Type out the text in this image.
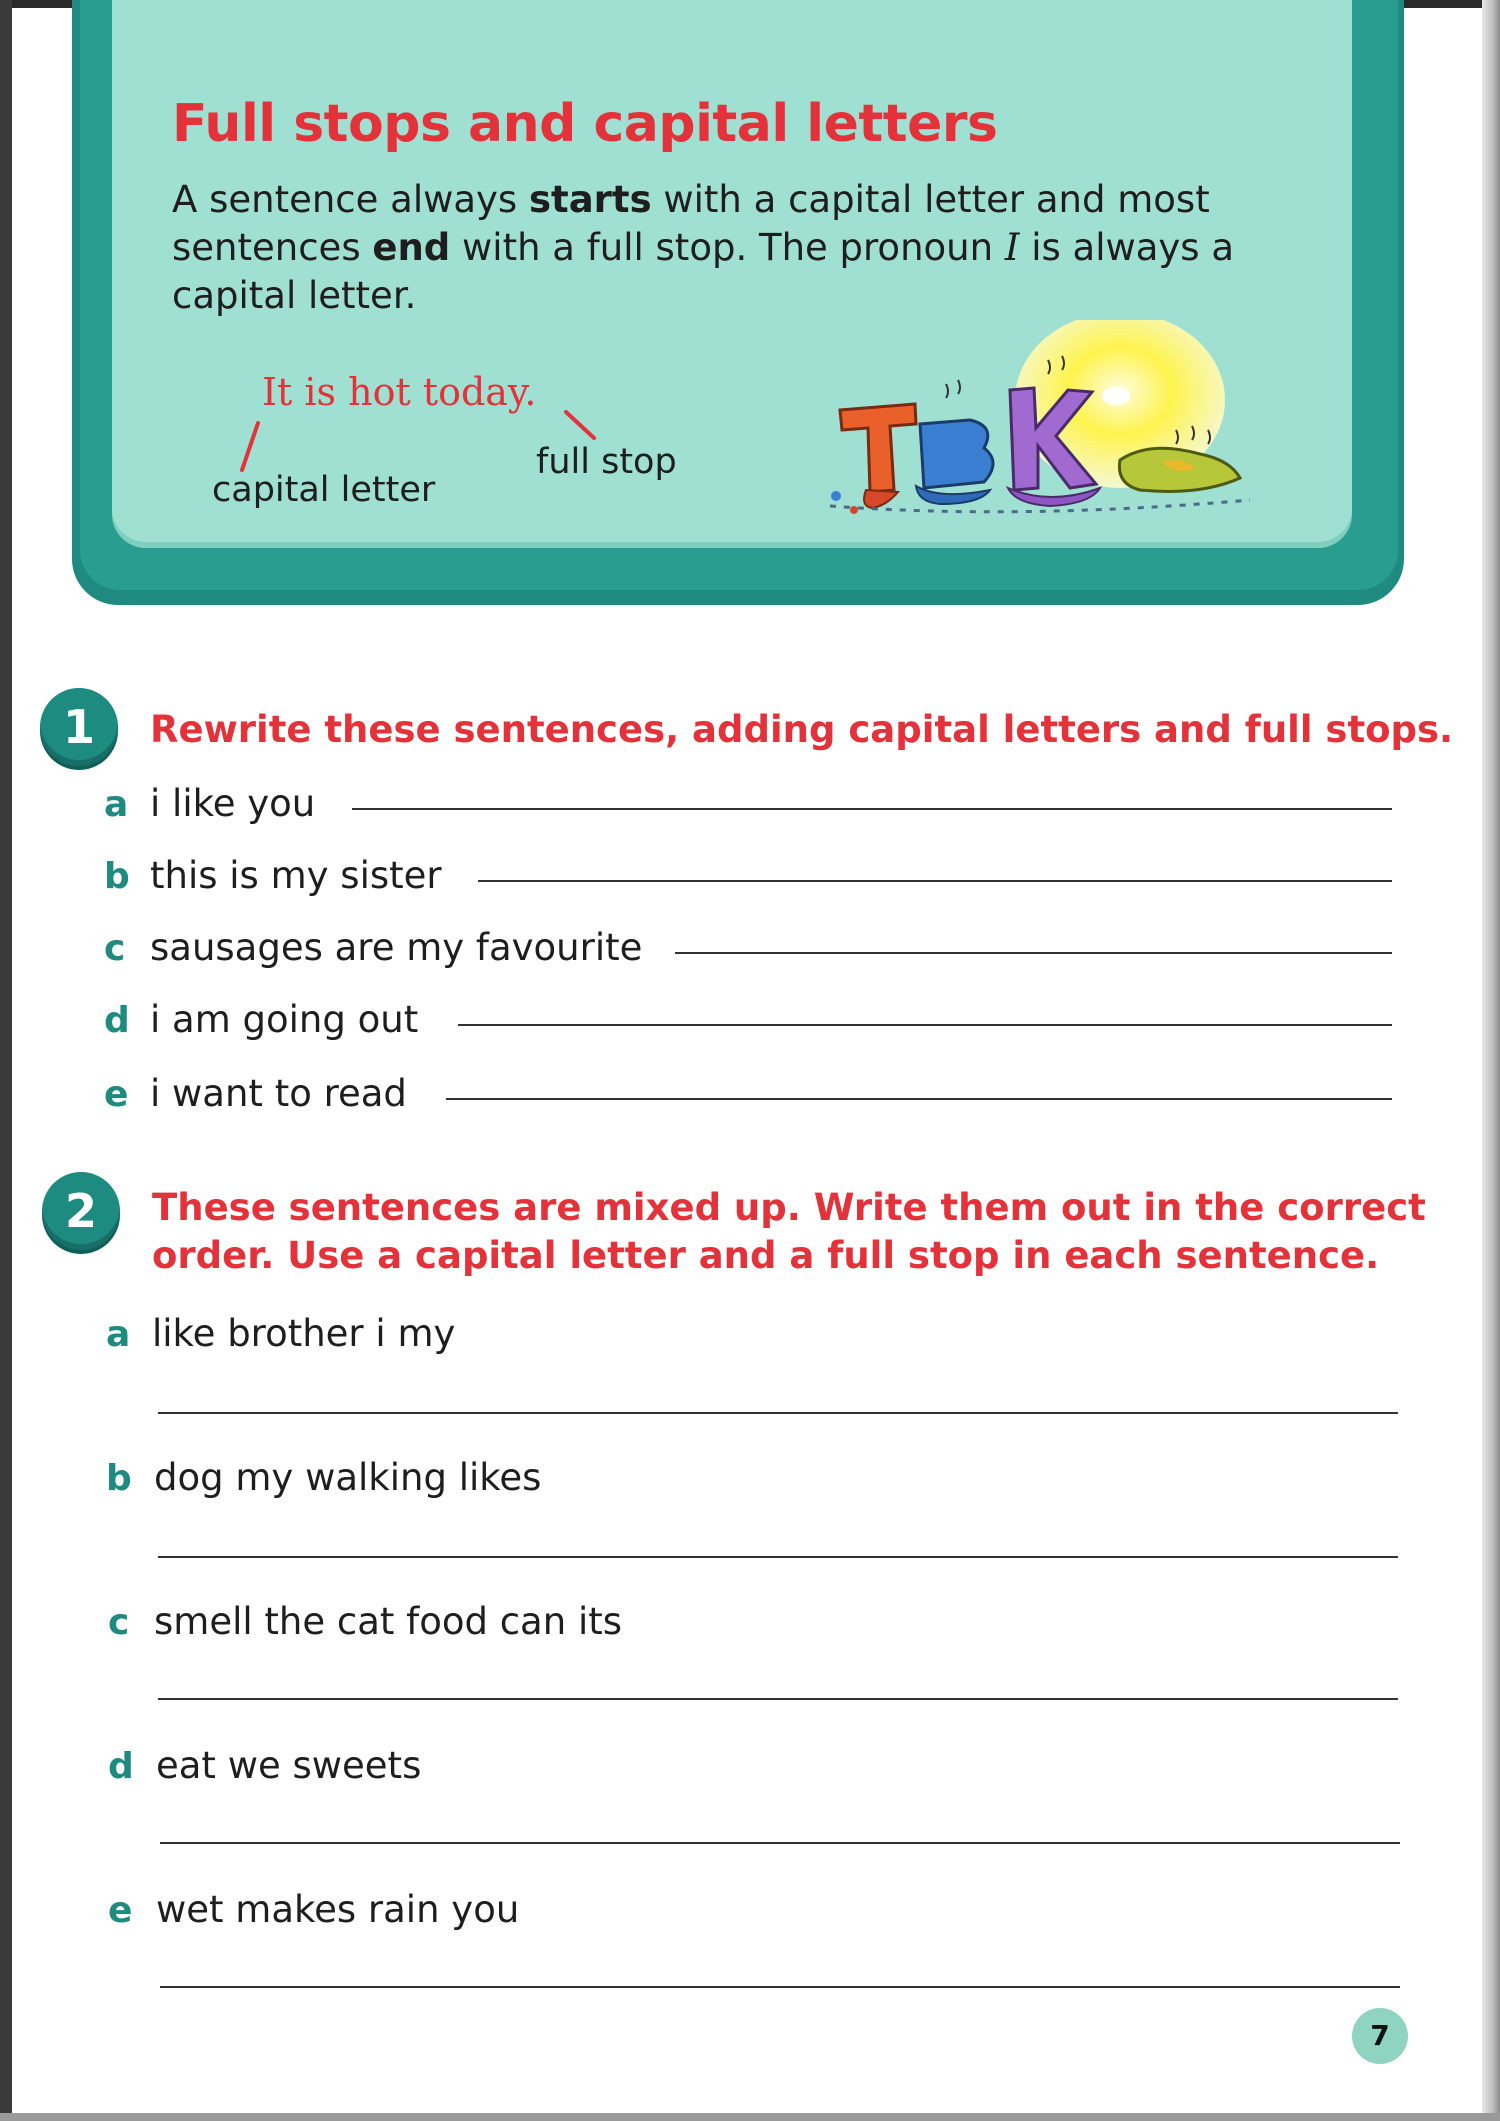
Full stops and capital letters

A sentence always starts with a capital letter and most sentences end with a full stop. The pronoun I is always a capital letter.

It is hot today.

capital letter
full stop
1	Rewrite these sentences, adding capital letters and full stops.

a i like you
b this is my sister
c sausages are my favourite
d i am going out
e i want to read
2	These sentences are mixed up. Write them out in the correct

order. Use a capital letter and a full stop in each sentence.

a like brother i my
b dog my walking likes
c smell the cat food can its
d eat we sweets
e wet makes rain you
7
